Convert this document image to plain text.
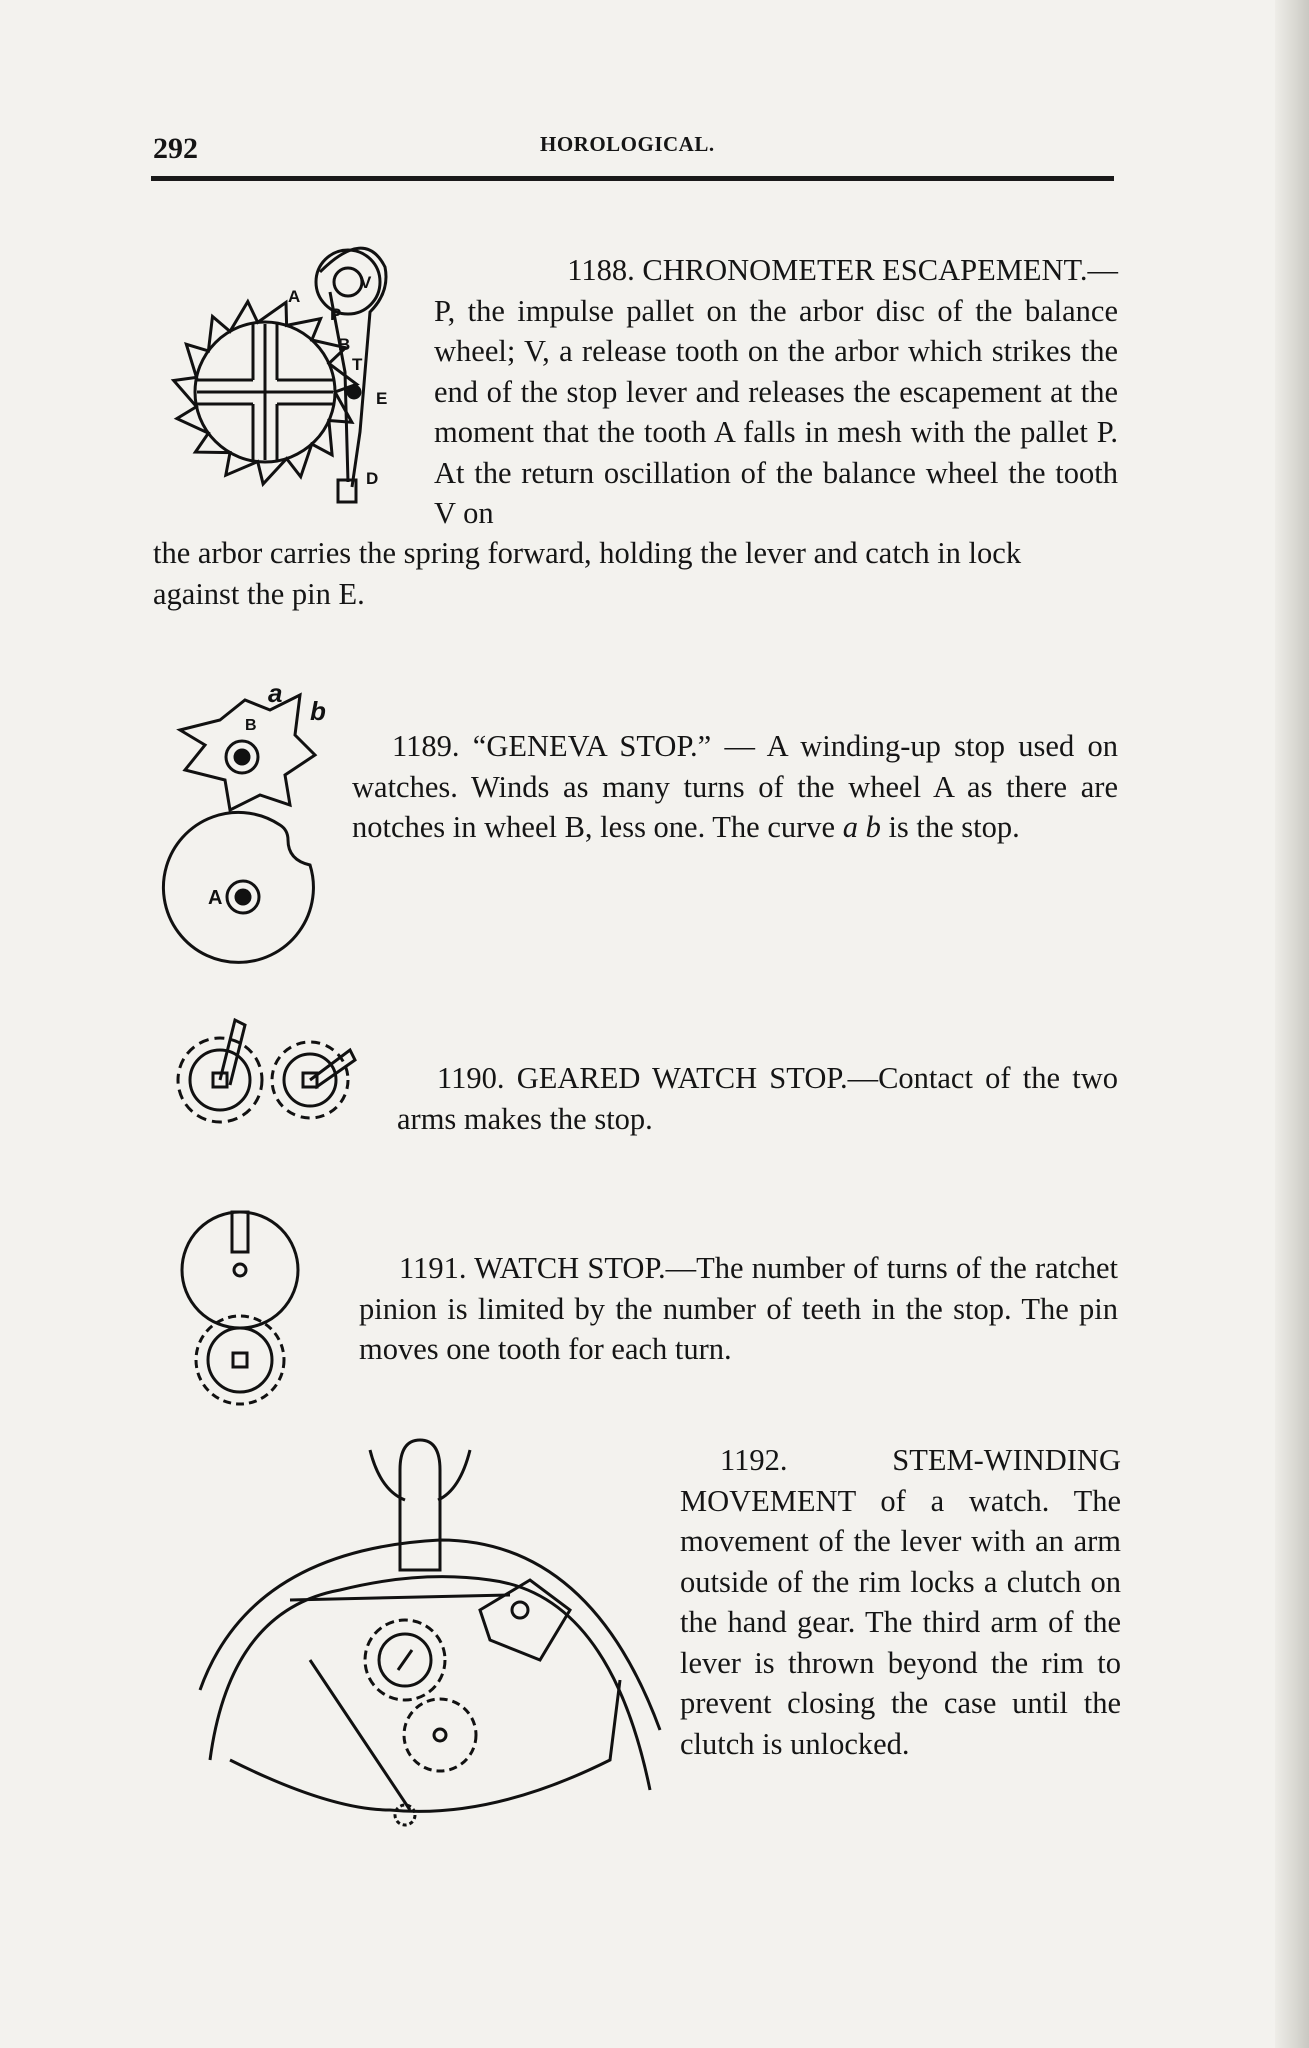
292	HOROLOGICAL.
A
P
V
B
T
E
D

1188. CHRONOMETER ESCAPEMENT.—
P, the impulse pallet on the arbor disc of the balance wheel; V, a release tooth on the arbor which strikes the end of the stop lever and releases the escapement at the moment that the tooth A falls in mesh with the pallet P. At the return oscillation of the balance wheel the tooth V on

the arbor carries the spring forward, holding the lever and catch in lock against the pin E.

a
b
B
A

1189. “GENEVA STOP.” — A winding-up stop used on watches. Winds as many turns of the wheel A as there are notches in wheel B, less one. The curve a b is the stop.

1190. GEARED WATCH STOP.—Contact of the two arms makes the stop.

1191. WATCH STOP.—The number of turns of the ratchet pinion is limited by the number of teeth in the stop. The pin moves one tooth for each turn.

1192.	STEM-WINDING
MOVEMENT of a watch. The movement of the lever with an arm outside of the rim locks a clutch on the hand gear. The third arm of the lever is thrown beyond the rim to prevent closing the case until the clutch is unlocked.
